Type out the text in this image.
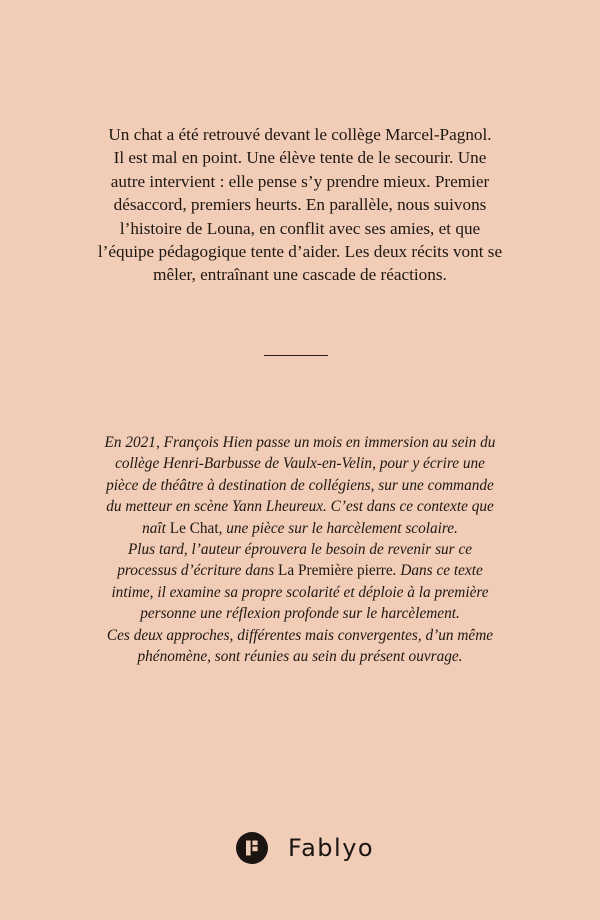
Un chat a été retrouvé devant le collège Marcel-Pagnol.
Il est mal en point. Une élève tente de le secourir. Une
autre intervient : elle pense s’y prendre mieux. Premier
désaccord, premiers heurts. En parallèle, nous suivons
l’histoire de Louna, en conflit avec ses amies, et que
l’équipe pédagogique tente d’aider. Les deux récits vont se
mêler, entraînant une cascade de réactions.
En 2021, François Hien passe un mois en immersion au sein du
collège Henri-Barbusse de Vaulx-en-Velin, pour y écrire une
pièce de théâtre à destination de collégiens, sur une commande
du metteur en scène Yann Lheureux. C’est dans ce contexte que
naît Le Chat, une pièce sur le harcèlement scolaire.
Plus tard, l’auteur éprouvera le besoin de revenir sur ce
processus d’écriture dans La Première pierre. Dans ce texte
intime, il examine sa propre scolarité et déploie à la première
personne une réflexion profonde sur le harcèlement.
Ces deux approches, différentes mais convergentes, d’un même
phénomène, sont réunies au sein du présent ouvrage.
Fablyo
